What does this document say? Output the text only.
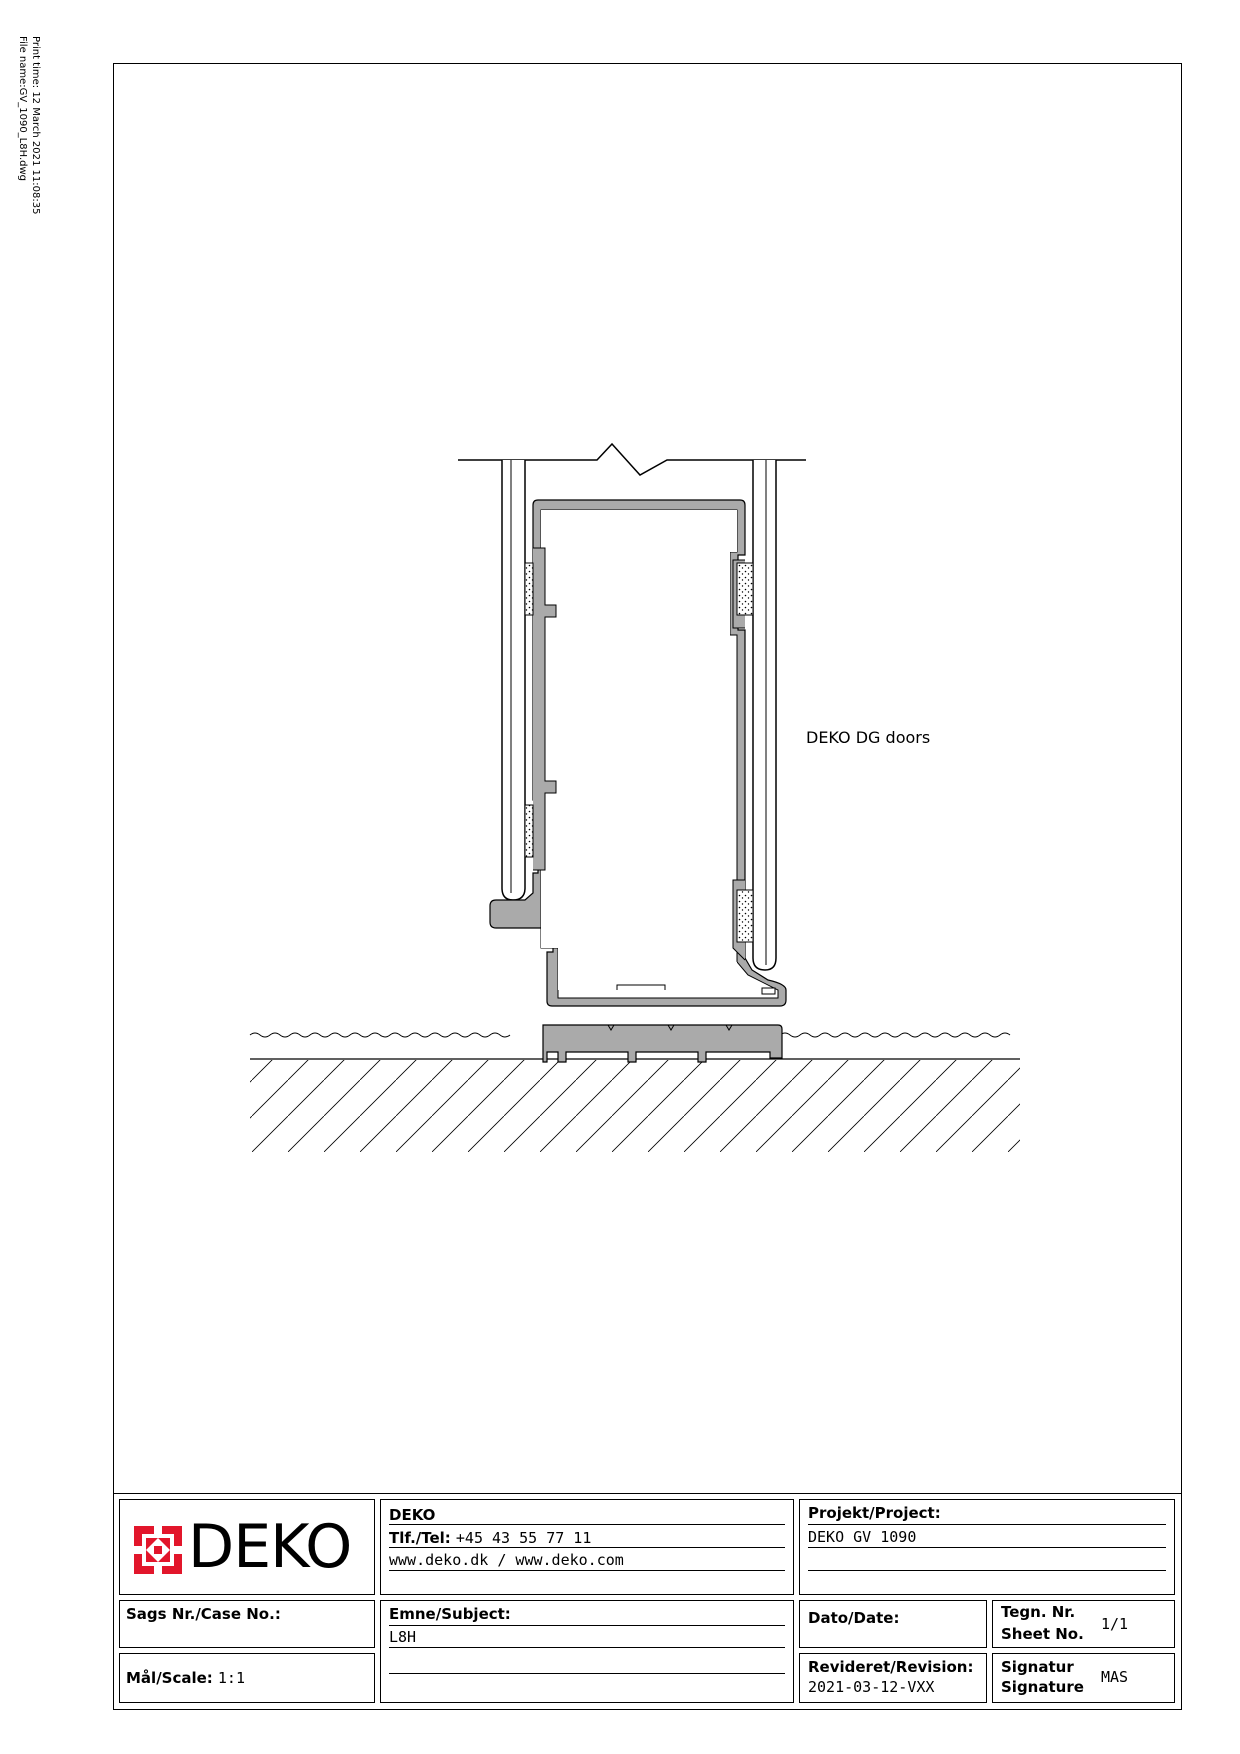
Print time: 12 March 2021 11:08:35
File name:GV_1090_L8H.dwg
DEKO DG doors
DEKO	DEKO
Tlf./Tel: +45 43 55 77 11
www.deko.dk / www.deko.com
Projekt/Project:
DEKO GV 1090
Sags Nr./Case No.:
Mål/Scale: 1:1
Emne/Subject:
L8H
Dato/Date:	Tegn. Nr.
Sheet No.
1/1
Revideret/Revision:
2021-03-12-VXX
Signatur
Signature
MAS
